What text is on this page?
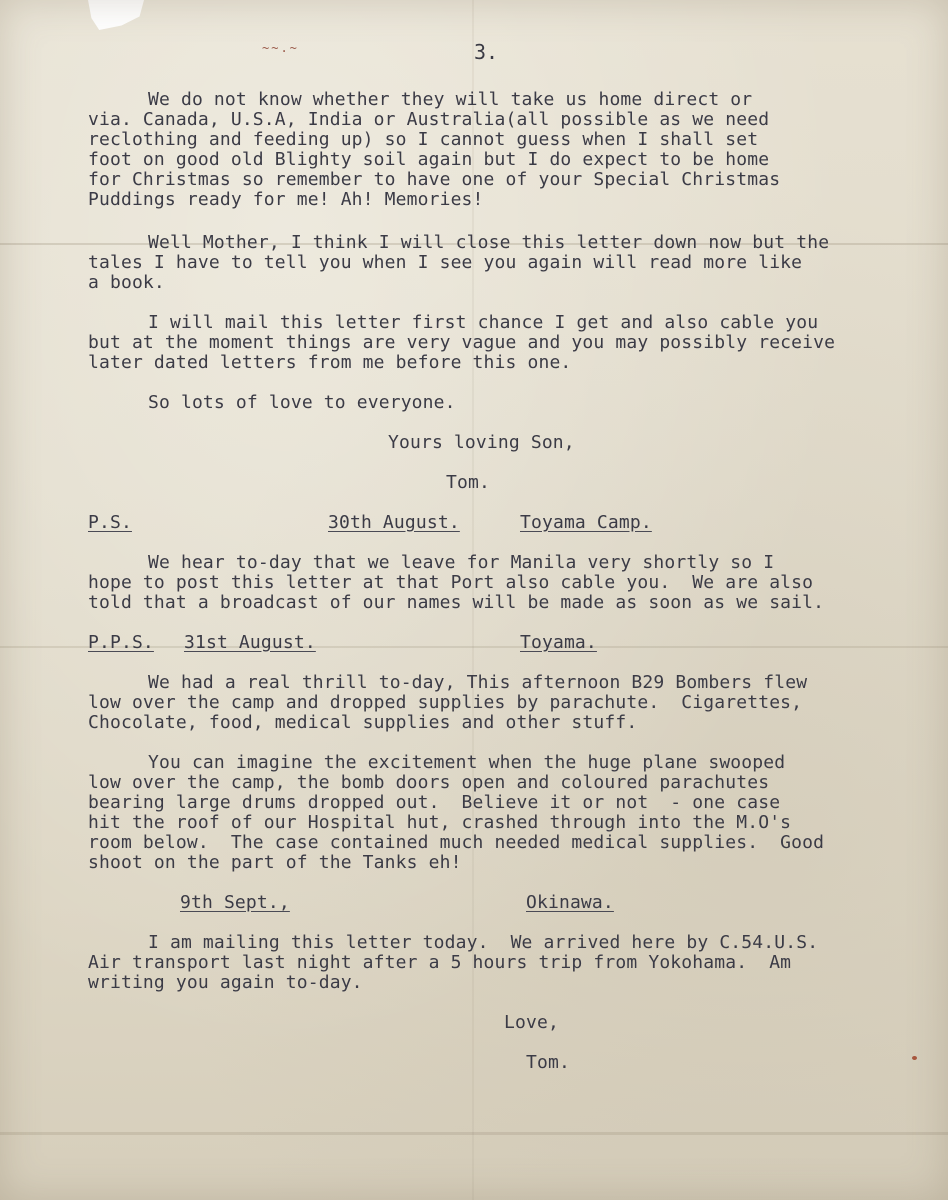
~~.~	3.
We do not know whether they will take us home direct or
via. Canada, U.S.A, India or Australia(all possible as we need
reclothing and feeding up) so I cannot guess when I shall set
foot on good old Blighty soil again but I do expect to be home
for Christmas so remember to have one of your Special Christmas
Puddings ready for me! Ah! Memories!
Well Mother, I think I will close this letter down now but the
tales I have to tell you when I see you again will read more like
a book.
I will mail this letter first chance I get and also cable you
but at the moment things are very vague and you may possibly receive
later dated letters from me before this one.
So lots of love to everyone.
Yours loving Son,
Tom.
P.S.	30th August.	Toyama Camp.
We hear to-day that we leave for Manila very shortly so I
hope to post this letter at that Port also cable you.  We are also
told that a broadcast of our names will be made as soon as we sail.
P.P.S. 31st August.	Toyama.
We had a real thrill to-day, This afternoon B29 Bombers flew
low over the camp and dropped supplies by parachute.  Cigarettes,
Chocolate, food, medical supplies and other stuff.
You can imagine the excitement when the huge plane swooped
low over the camp, the bomb doors open and coloured parachutes
bearing large drums dropped out.  Believe it or not  - one case
hit the roof of our Hospital hut, crashed through into the M.O's
room below.  The case contained much needed medical supplies.  Good
shoot on the part of the Tanks eh!
9th Sept.,	Okinawa.
I am mailing this letter today.  We arrived here by C.54.U.S.
Air transport last night after a 5 hours trip from Yokohama.  Am
writing you again to-day.
Love,
Tom.
